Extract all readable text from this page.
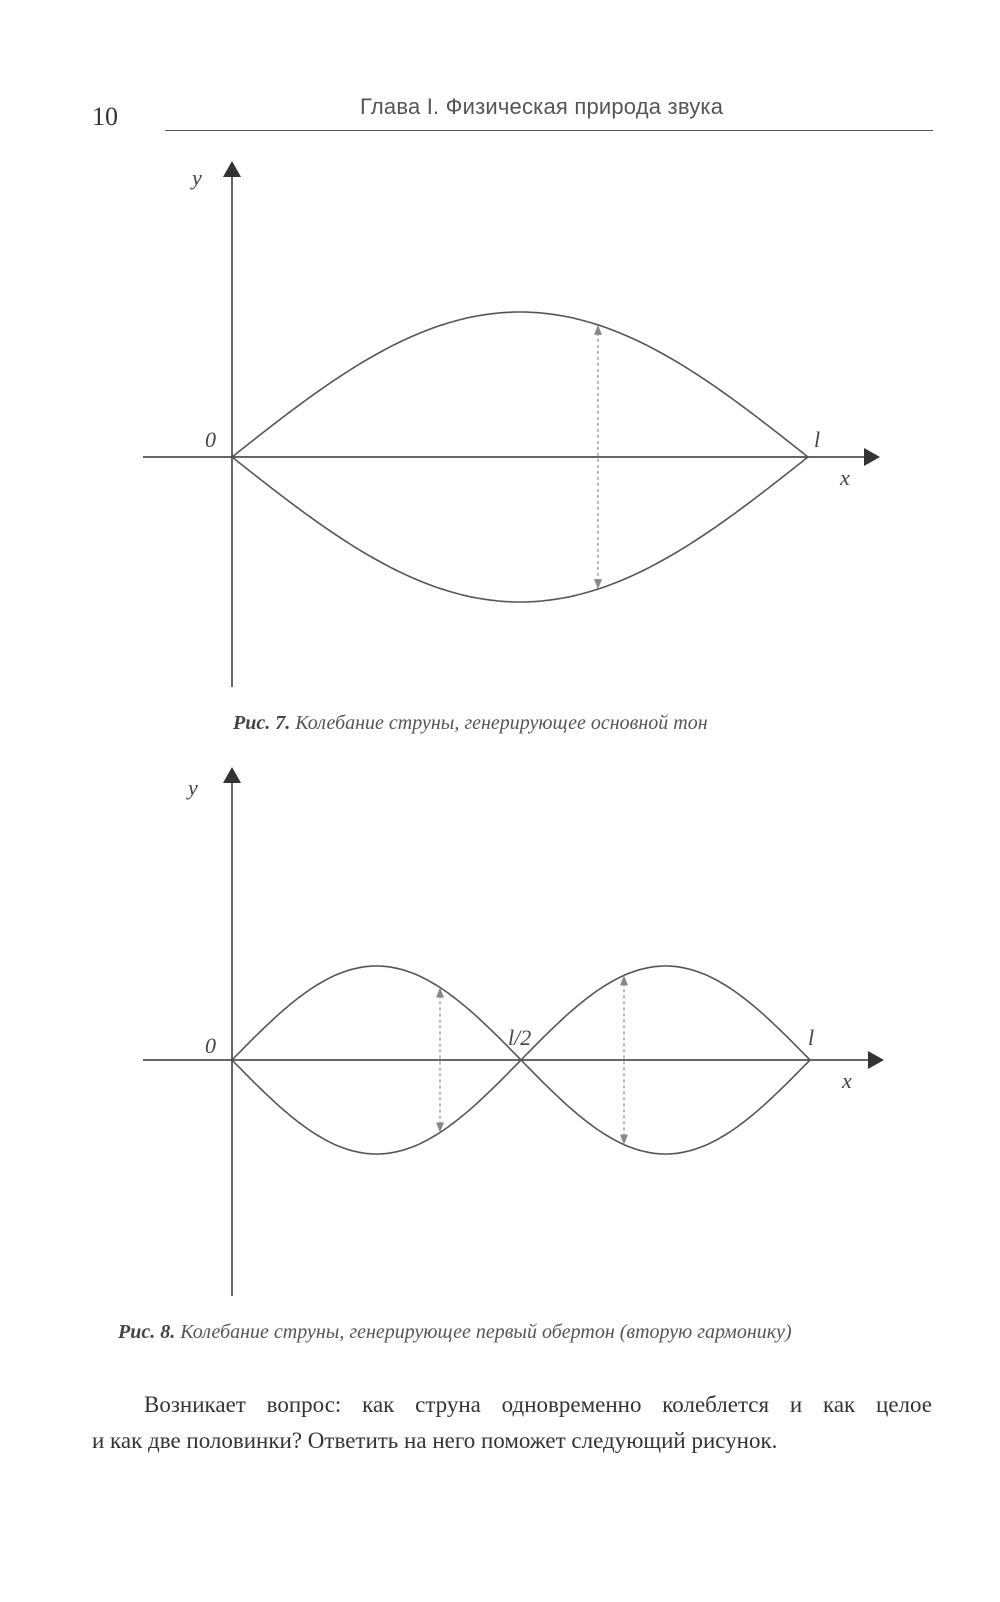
10	Глава I. Физическая природа звука
y
0	l
x
Рис. 7. Колебание струны, генерирующее основной тон
y
0	l/2	l
x
Рис. 8. Колебание струны, генерирующее первый обертон (вторую гармонику)
Возникает вопрос: как струна одновременно колеблется и как целое
и как две половинки? Ответить на него поможет следующий рисунок.
